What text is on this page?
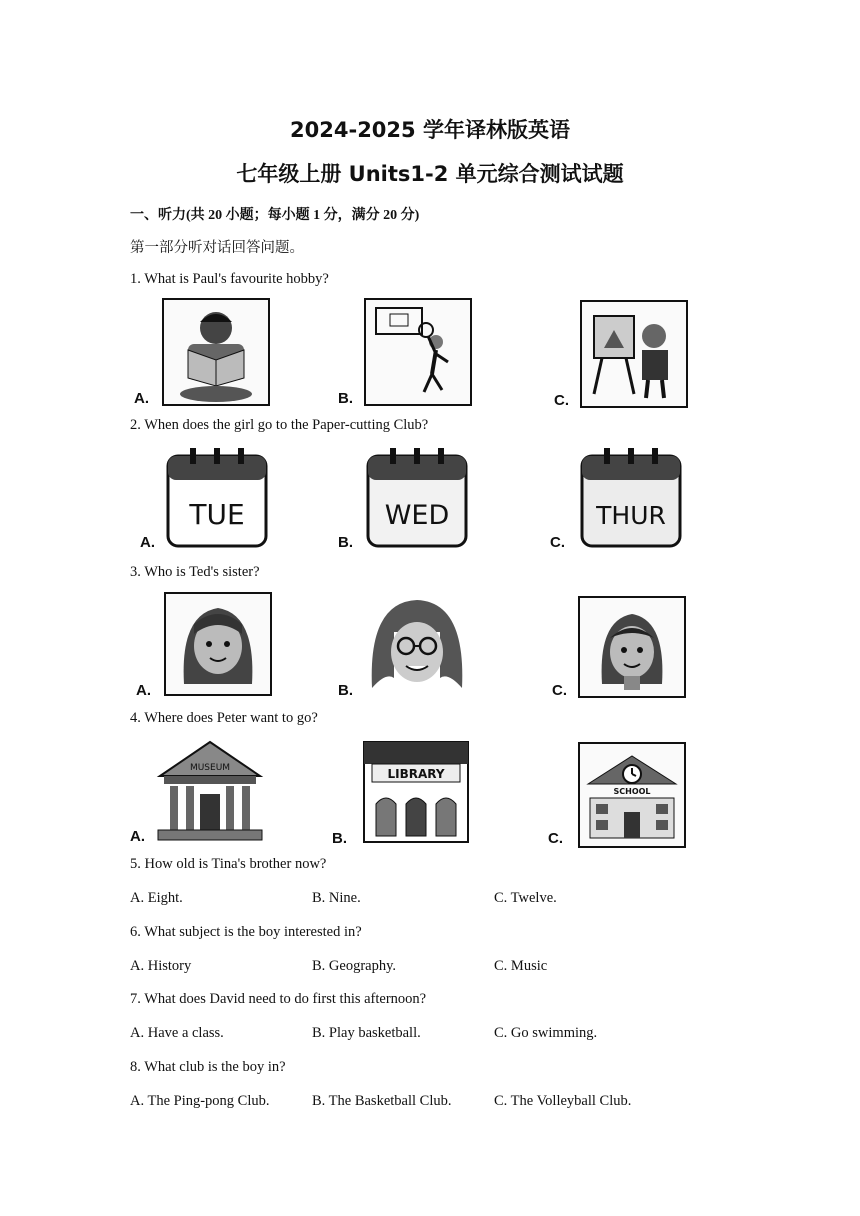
2024-2025 学年译林版英语
七年级上册 Units1-2 单元综合测试试题
一、听力(共 20 小题；每小题 1 分，满分 20 分)
第一部分听对话回答问题。
1. What is Paul's favourite hobby?
A.	B.	C.
2. When does the girl go to the Paper-cutting Club?
TUE
A.
WED
B.
THUR
C.
3. Who is Ted's sister?
A.	B.	C.
4. Where does Peter want to go?
MUSEUM
A.
LIBRARY
B.
SCHOOL
C.
5. How old is Tina's brother now?
A. Eight.	B. Nine.	C. Twelve.
6. What subject is the boy interested in?
A. History	B. Geography.	C. Music
7. What does David need to do first this afternoon?
A. Have a class.	B. Play basketball.	C. Go swimming.
8. What club is the boy in?
A. The Ping-pong Club.	B. The Basketball Club.	C. The Volleyball Club.
